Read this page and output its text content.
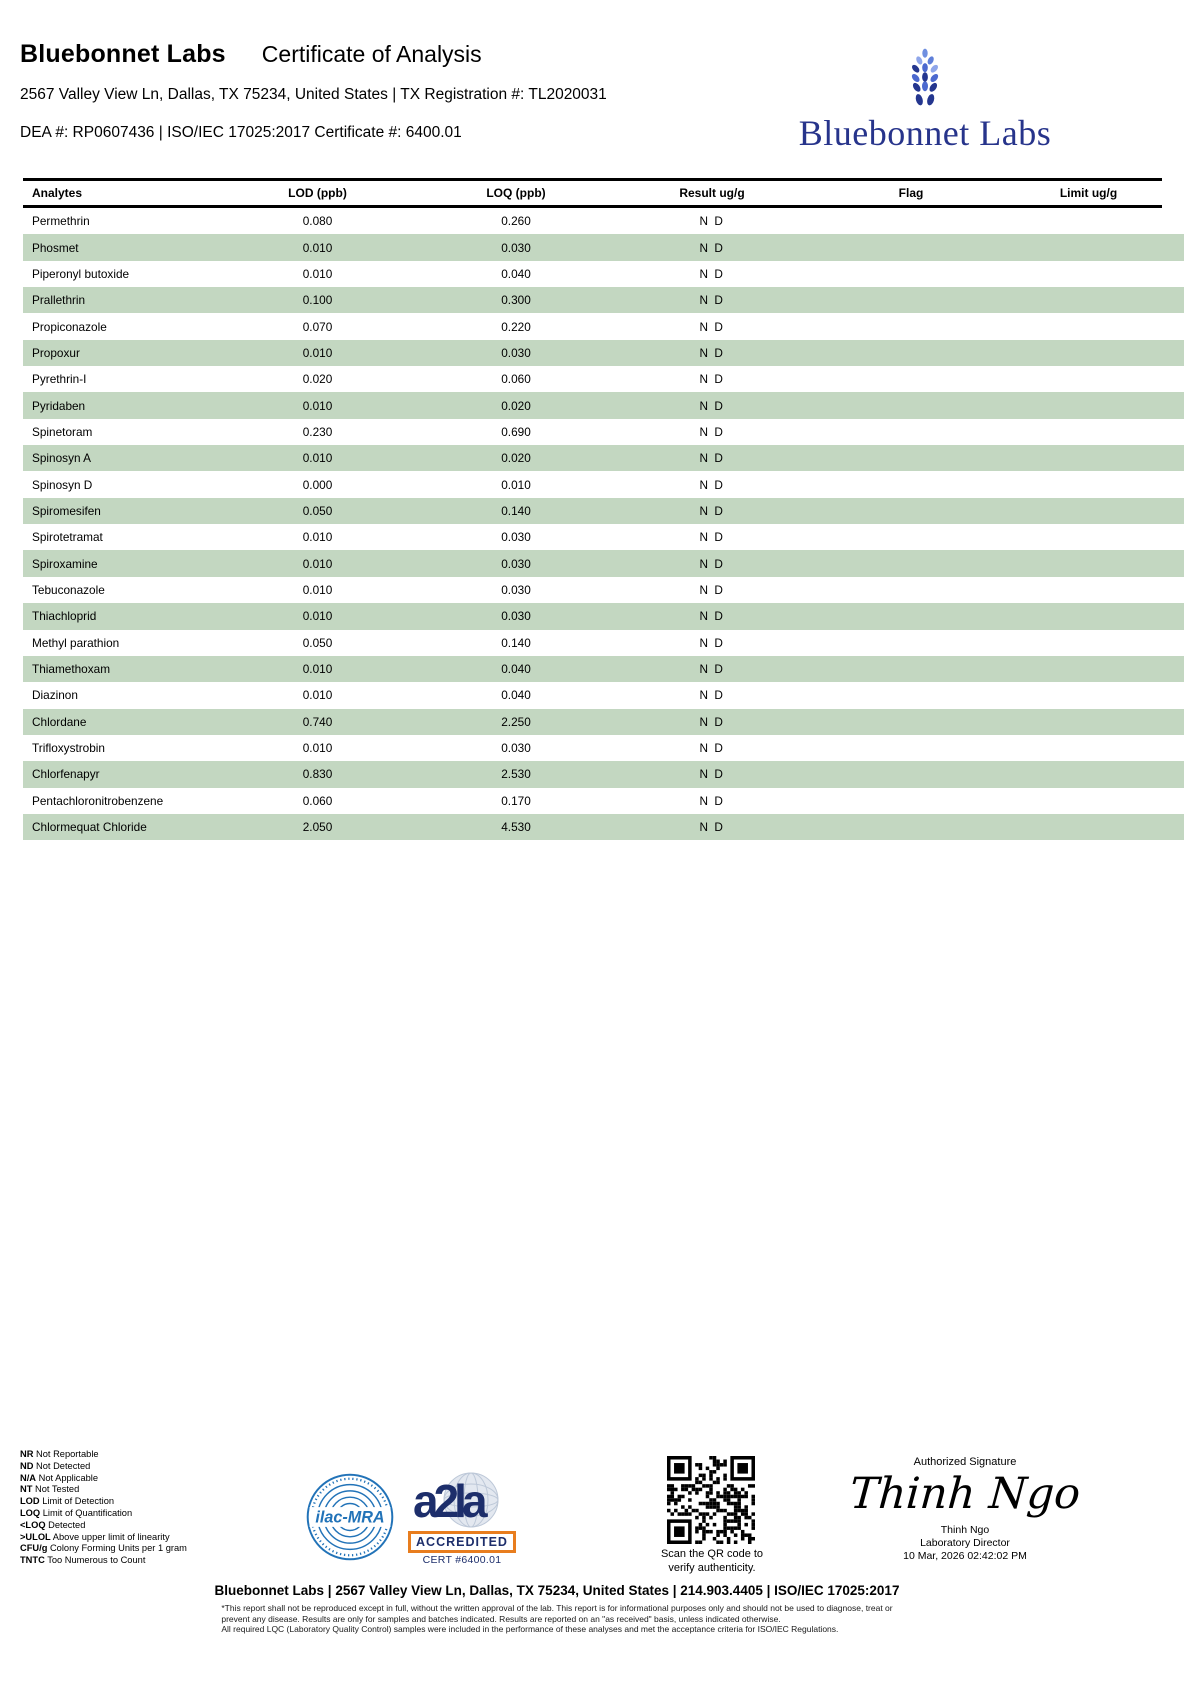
Bluebonnet Labs Certificate of Analysis
2567 Valley View Ln, Dallas, TX 75234, United States | TX Registration #: TL2020031
DEA #: RP0607436 | ISO/IEC 17025:2017 Certificate #: 6400.01	Bluebonnet Labs
Analytes	LOD (ppb)	LOQ (ppb)	Result ug/g	Flag	Limit ug/g
Permethrin	0.080	0.260	N D		
Phosmet	0.010	0.030	N D		
Piperonyl butoxide	0.010	0.040	N D		
Prallethrin	0.100	0.300	N D		
Propiconazole	0.070	0.220	N D		
Propoxur	0.010	0.030	N D		
Pyrethrin-I	0.020	0.060	N D		
Pyridaben	0.010	0.020	N D		
Spinetoram	0.230	0.690	N D		
Spinosyn A	0.010	0.020	N D		
Spinosyn D	0.000	0.010	N D		
Spiromesifen	0.050	0.140	N D		
Spirotetramat	0.010	0.030	N D		
Spiroxamine	0.010	0.030	N D		
Tebuconazole	0.010	0.030	N D		
Thiachloprid	0.010	0.030	N D		
Methyl parathion	0.050	0.140	N D		
Thiamethoxam	0.010	0.040	N D		
Diazinon	0.010	0.040	N D		
Chlordane	0.740	2.250	N D		
Trifloxystrobin	0.010	0.030	N D		
Chlorfenapyr	0.830	2.530	N D		
Pentachloronitrobenzene	0.060	0.170	N D		
Chlormequat Chloride	2.050	4.530	N D		
NR Not Reportable
ND Not Detected
N/A Not Applicable
NT Not Tested
LOD Limit of Detection
LOQ Limit of Quantification
<LOQ Detected
>ULOL Above upper limit of linearity
CFU/g Colony Forming Units per 1 gram
TNTC Too Numerous to Count
ilac-MRA a2la
ACCREDITED
CERT #6400.01	Scan the QR code to
verify authenticity.
Authorized Signature
Thinh Ngo
Thinh Ngo
Laboratory Director
10 Mar, 2026 02:42:02 PM
Bluebonnet Labs | 2567 Valley View Ln, Dallas, TX 75234, United States | 214.903.4405 | ISO/IEC 17025:2017
*This report shall not be reproduced except in full, without the written approval of the lab. This report is for informational purposes only and should not be used to diagnose, treat or
prevent any disease. Results are only for samples and batches indicated. Results are reported on an "as received" basis, unless indicated otherwise.
All required LQC (Laboratory Quality Control) samples were included in the performance of these analyses and met the acceptance criteria for ISO/IEC Regulations.
